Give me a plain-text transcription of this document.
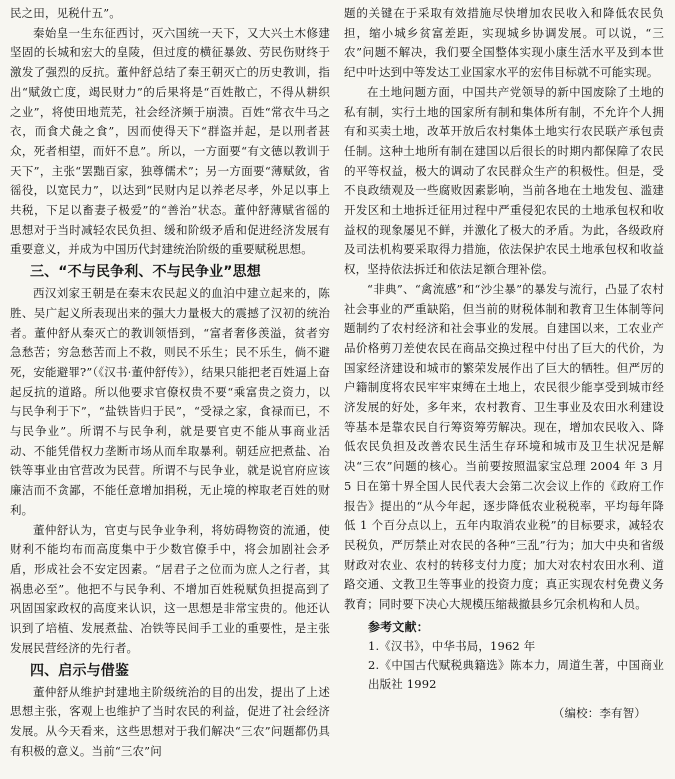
民之田，见税什五”。

秦始皇一生东征西讨，灭六国统一天下，又大兴土木修建坚固的长城和宏大的皇陵，但过度的横征暴敛、劳民伤财终于激发了强烈的反抗。董仲舒总结了秦王朝灭亡的历史教训，指出“赋敛亡度，竭民财力”的后果将是“百姓散亡，不得从耕织之业”，将使田地荒芜，社会经济频于崩溃。百姓“常衣牛马之衣，而食犬彘之食”，因而使得天下“群盗并起，是以刑者甚众，死者相望，而奸不息”。所以，一方面要“有文德以教训于天下”，主张“罢黜百家，独尊儒术”；另一方面要“薄赋敛，省徭役，以宽民力”，以达到“民财内足以养老尽孝，外足以事上共税，下足以畜妻子极爱”的“善治”状态。董仲舒薄赋省徭的思想对于当时减轻农民负担、缓和阶级矛盾和促进经济发展有重要意义，并成为中国历代封建统治阶级的重要赋税思想。

三、“不与民争利、不与民争业”思想

西汉刘家王朝是在秦末农民起义的血泊中建立起来的，陈胜、吴广起义所表现出来的强大力量极大的震撼了汉初的统治者。董仲舒从秦灭亡的教训领悟到，“富者奢侈羡溢，贫者穷急愁苦；穷急愁苦而上不救，则民不乐生；民不乐生，倘不避死，安能避罪?”（《汉书·董仲舒传》），结果只能把老百姓逼上奋起反抗的道路。所以他要求官僚权贵不要“乘富贵之资力，以与民争利于下”，“盐铁皆归于民”，“受禄之家，食禄而已，不与民争业”。所谓不与民争利，就是要官吏不能从事商业活动、不能凭借权力垄断市场从而牟取暴利。朝廷应把煮盐、冶铁等事业由官营改为民营。所谓不与民争业，就是说官府应该廉洁而不贪鄙，不能任意增加捐税，无止境的榨取老百姓的财利。

董仲舒认为，官吏与民争业争利，将妨碍物资的流通，使财利不能均布而高度集中于少数官僚手中，将会加剧社会矛盾，形成社会不安定因素。“居君子之位而为庶人之行者，其祸患必至”。他把不与民争利、不增加百姓税赋负担提高到了巩固国家政权的高度来认识，这一思想是非常宝贵的。他还认识到了培植、发展煮盐、冶铁等民间手工业的重要性，是主张发展民营经济的先行者。

四、启示与借鉴

董仲舒从维护封建地主阶级统治的目的出发，提出了上述思想主张，客观上也维护了当时农民的利益，促进了社会经济发展。从今天看来，这些思想对于我们解决“三农”问题都仍具有积极的意义。当前“三农”问

题的关键在于采取有效措施尽快增加农民收入和降低农民负担，缩小城乡贫富差距，实现城乡协调发展。可以说，“三农”问题不解决，我们要全国整体实现小康生活水平及到本世纪中叶达到中等发达工业国家水平的宏伟目标就不可能实现。

在土地问题方面，中国共产党领导的新中国废除了土地的私有制，实行土地的国家所有制和集体所有制，不允许个人拥有和买卖土地，改革开放后农村集体土地实行农民联产承包责任制。这种土地所有制在建国以后很长的时期内都保障了农民的平等权益，极大的调动了农民群众生产的积极性。但是，受不良政绩观及一些腐败因素影响，当前各地在土地发包、滥建开发区和土地拆迁征用过程中严重侵犯农民的土地承包权和收益权的现象屡见不鲜，并激化了极大的矛盾。为此，各级政府及司法机构要采取得力措施，依法保护农民土地承包权和收益权，坚持依法拆迁和依法足额合理补偿。

“非典”、“禽流感”和“沙尘暴”的暴发与流行，凸显了农村社会事业的严重缺陷，但当前的财税体制和教育卫生体制等问题制约了农村经济和社会事业的发展。自建国以来，工农业产品价格剪刀差使农民在商品交换过程中付出了巨大的代价，为国家经济建设和城市的繁荣发展作出了巨大的牺牲。但严厉的户籍制度将农民牢牢束缚在土地上，农民很少能享受到城市经济发展的好处，多年来，农村教育、卫生事业及农田水利建设等基本是靠农民自行筹资筹劳解决。现在，增加农民收入、降低农民负担及改善农民生活生存环境和城市及卫生状况是解决“三农”问题的核心。当前要按照温家宝总理 2004 年 3 月 5 日在第十界全国人民代表大会第二次会议上作的《政府工作报告》提出的“从今年起，逐步降低农业税税率，平均每年降低 1 个百分点以上，五年内取消农业税”的目标要求，减轻农民税负，严厉禁止对农民的各种“三乱”行为；加大中央和省级财政对农业、农村的转移支付力度；加大对农村农田水利、道路交通、文教卫生等事业的投资力度；真正实现农村免费义务教育；同时要下决心大规模压缩裁撤县乡冗余机构和人员。

参考文献：

1.《汉书》，中华书局，1962 年

2.《中国古代赋税典籍选》陈本力，周道生著，中国商业出版社 1992

（编校：李有智）
